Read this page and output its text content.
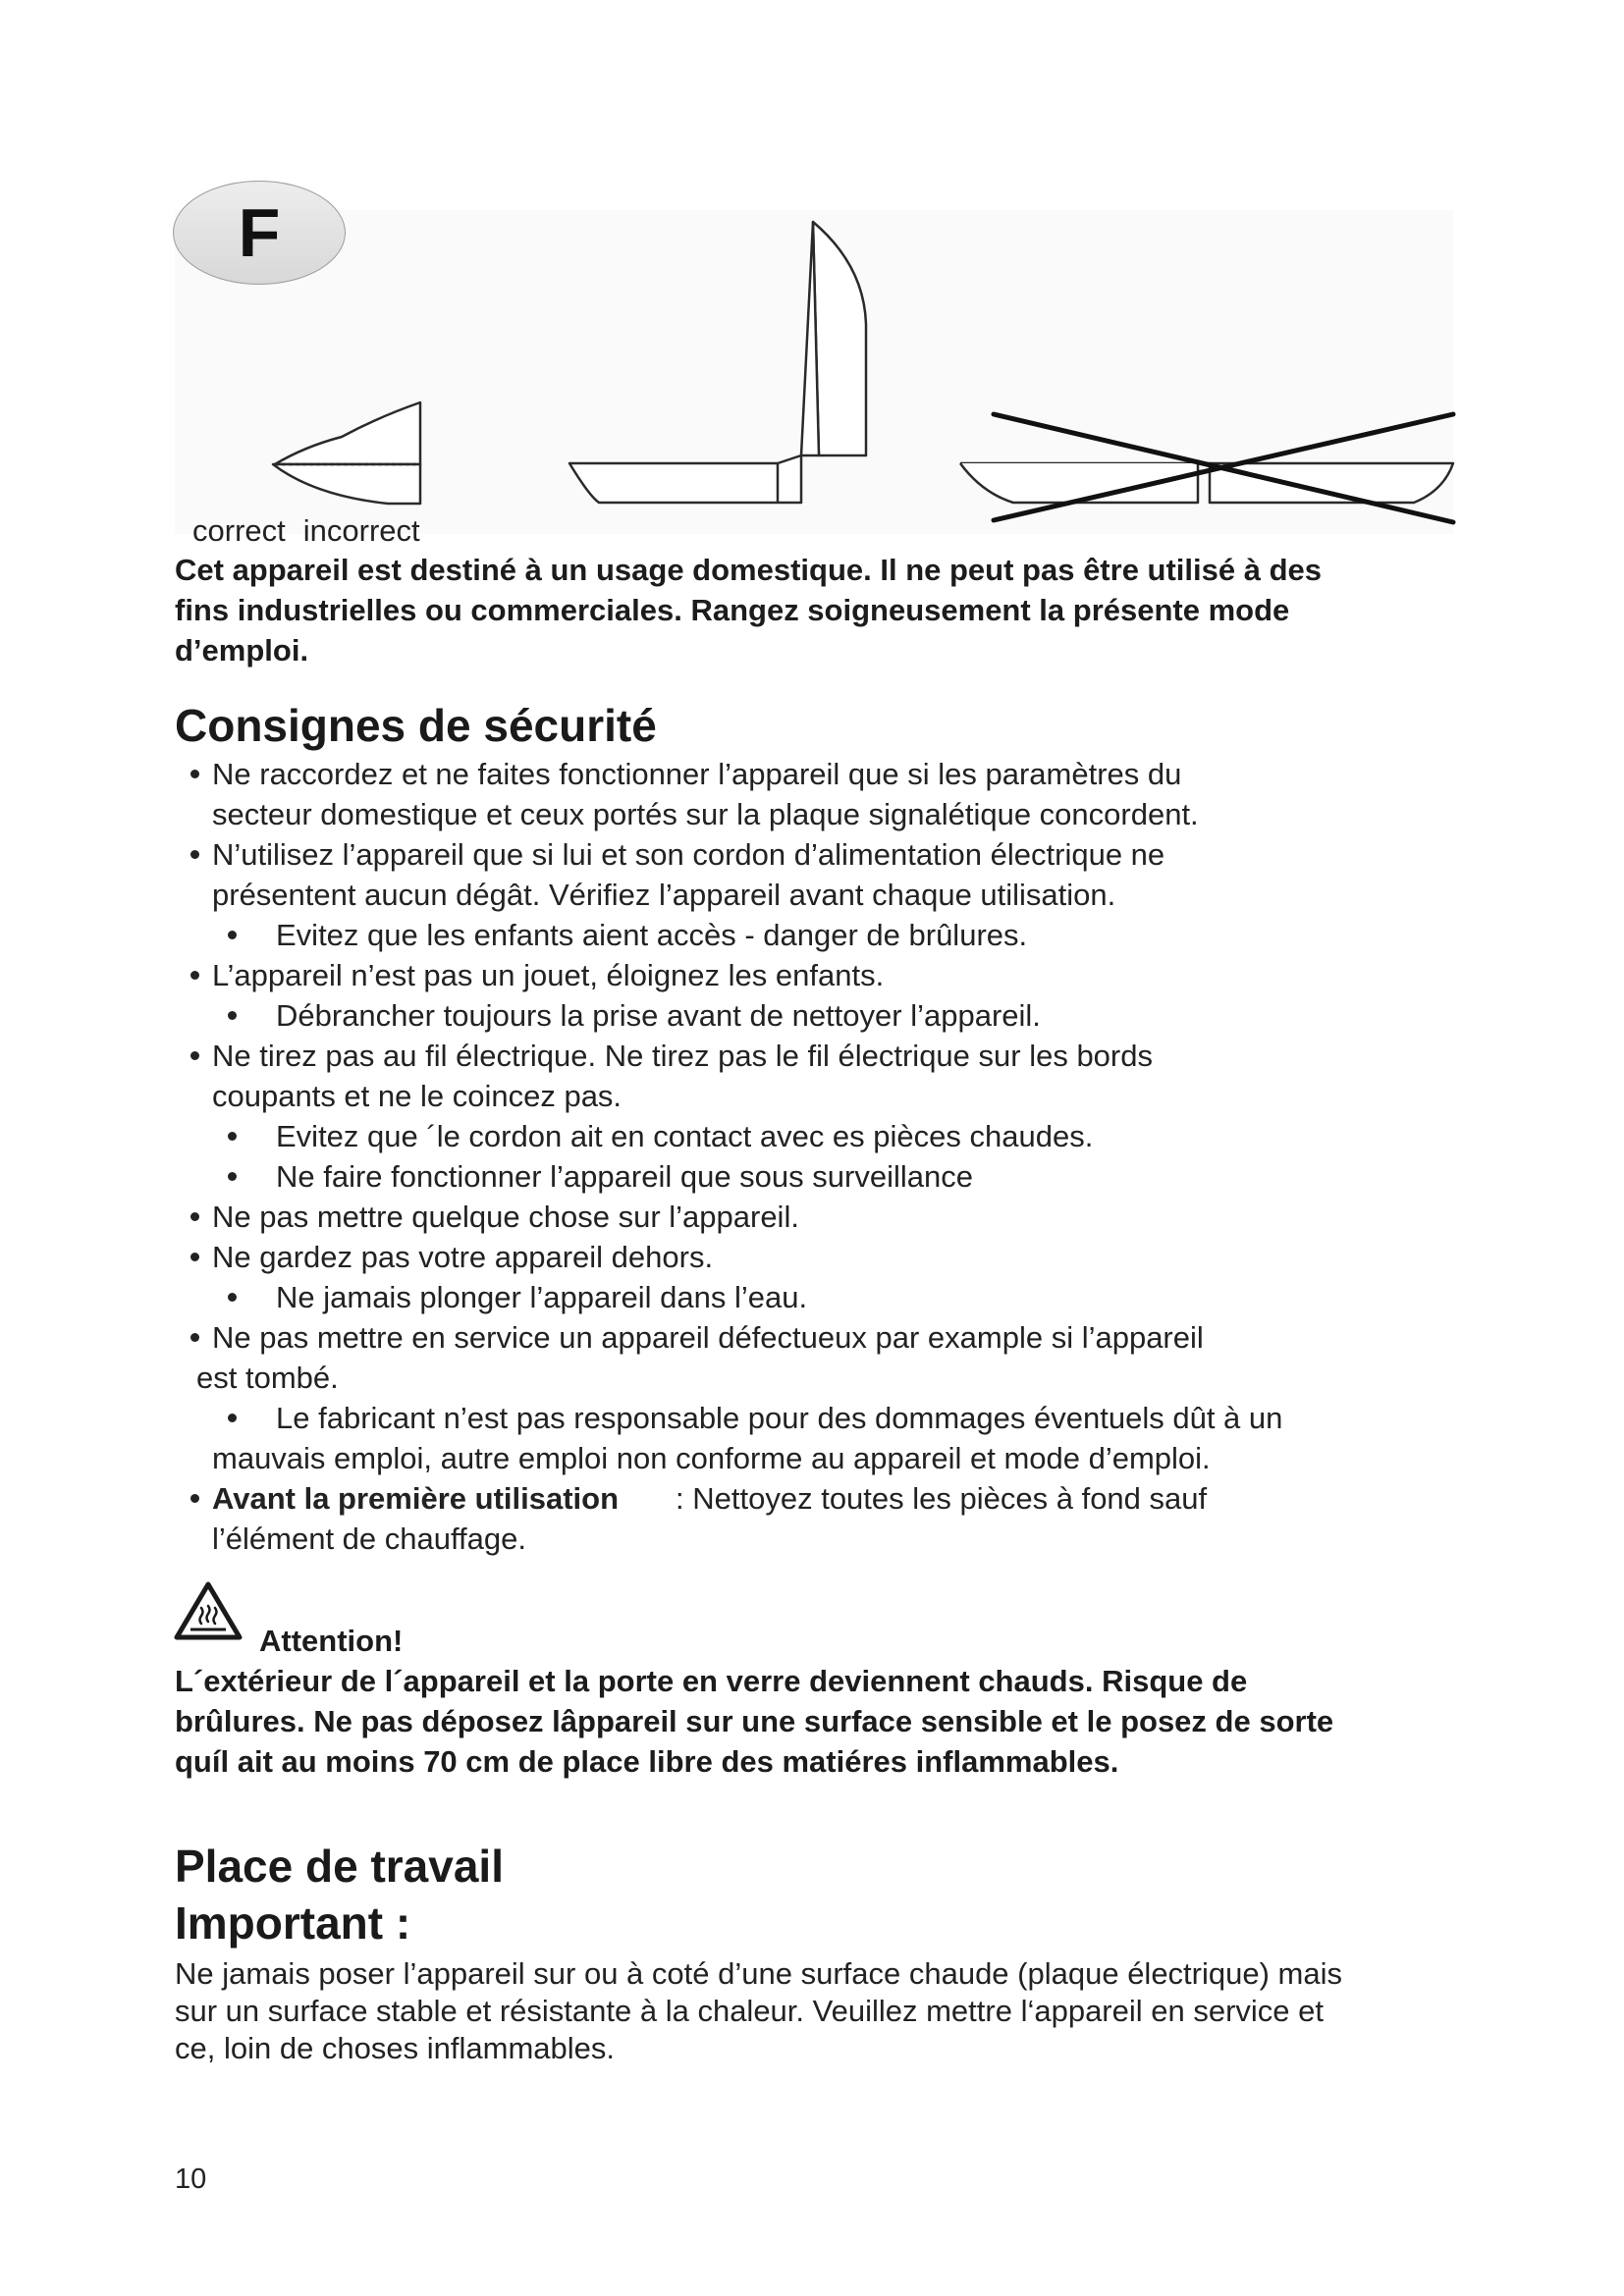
F
correct incorrect

Cet appareil est destiné à un usage domestique. Il ne peut pas être utilisé à des

fins industrielles ou commerciales. Rangez soigneusement la présente mode

d’emploi.

Consignes de sécurité
Ne raccordez et ne faites fonctionner l’appareil que si les paramètres du
secteur domestique et ceux portés sur la plaque signalétique concordent.
N’utilisez l’appareil que si lui et son cordon d’alimentation électrique ne
présentent aucun dégât. Vérifiez l’appareil avant chaque utilisation.
Evitez que les enfants aient accès - danger de brûlures.
L’appareil n’est pas un jouet, éloignez les enfants.
Débrancher toujours la prise avant de nettoyer l’appareil.
Ne tirez pas au fil électrique. Ne tirez pas le fil électrique sur les bords
coupants et ne le coincez pas.
Evitez que ´le cordon ait en contact avec es pièces chaudes.
Ne faire fonctionner l’appareil que sous surveillance
Ne pas mettre quelque chose sur l’appareil.
Ne gardez pas votre appareil dehors.
Ne jamais plonger l’appareil dans l’eau.
Ne pas mettre en service un appareil défectueux par example si l’appareil
est tombé.
Le fabricant n’est pas responsable pour des dommages éventuels dût à un
mauvais emploi, autre emploi non conforme au appareil et mode d’emploi.
Avant la première utilisation : Nettoyez toutes les pièces à fond sauf
l’élément de chauffage.
Attention!

L´extérieur de l´appareil et la porte en verre deviennent chauds. Risque de

brûlures. Ne pas déposez lâppareil sur une surface sensible et le posez de sorte

quíl ait au moins 70 cm de place libre des matiéres inflammables.

Place de travail
Important :

Ne jamais poser l’appareil sur ou à coté d’une surface chaude (plaque électrique) mais

sur un surface stable et résistante à la chaleur. Veuillez mettre l‘appareil en service et

ce, loin de choses inflammables.

10
